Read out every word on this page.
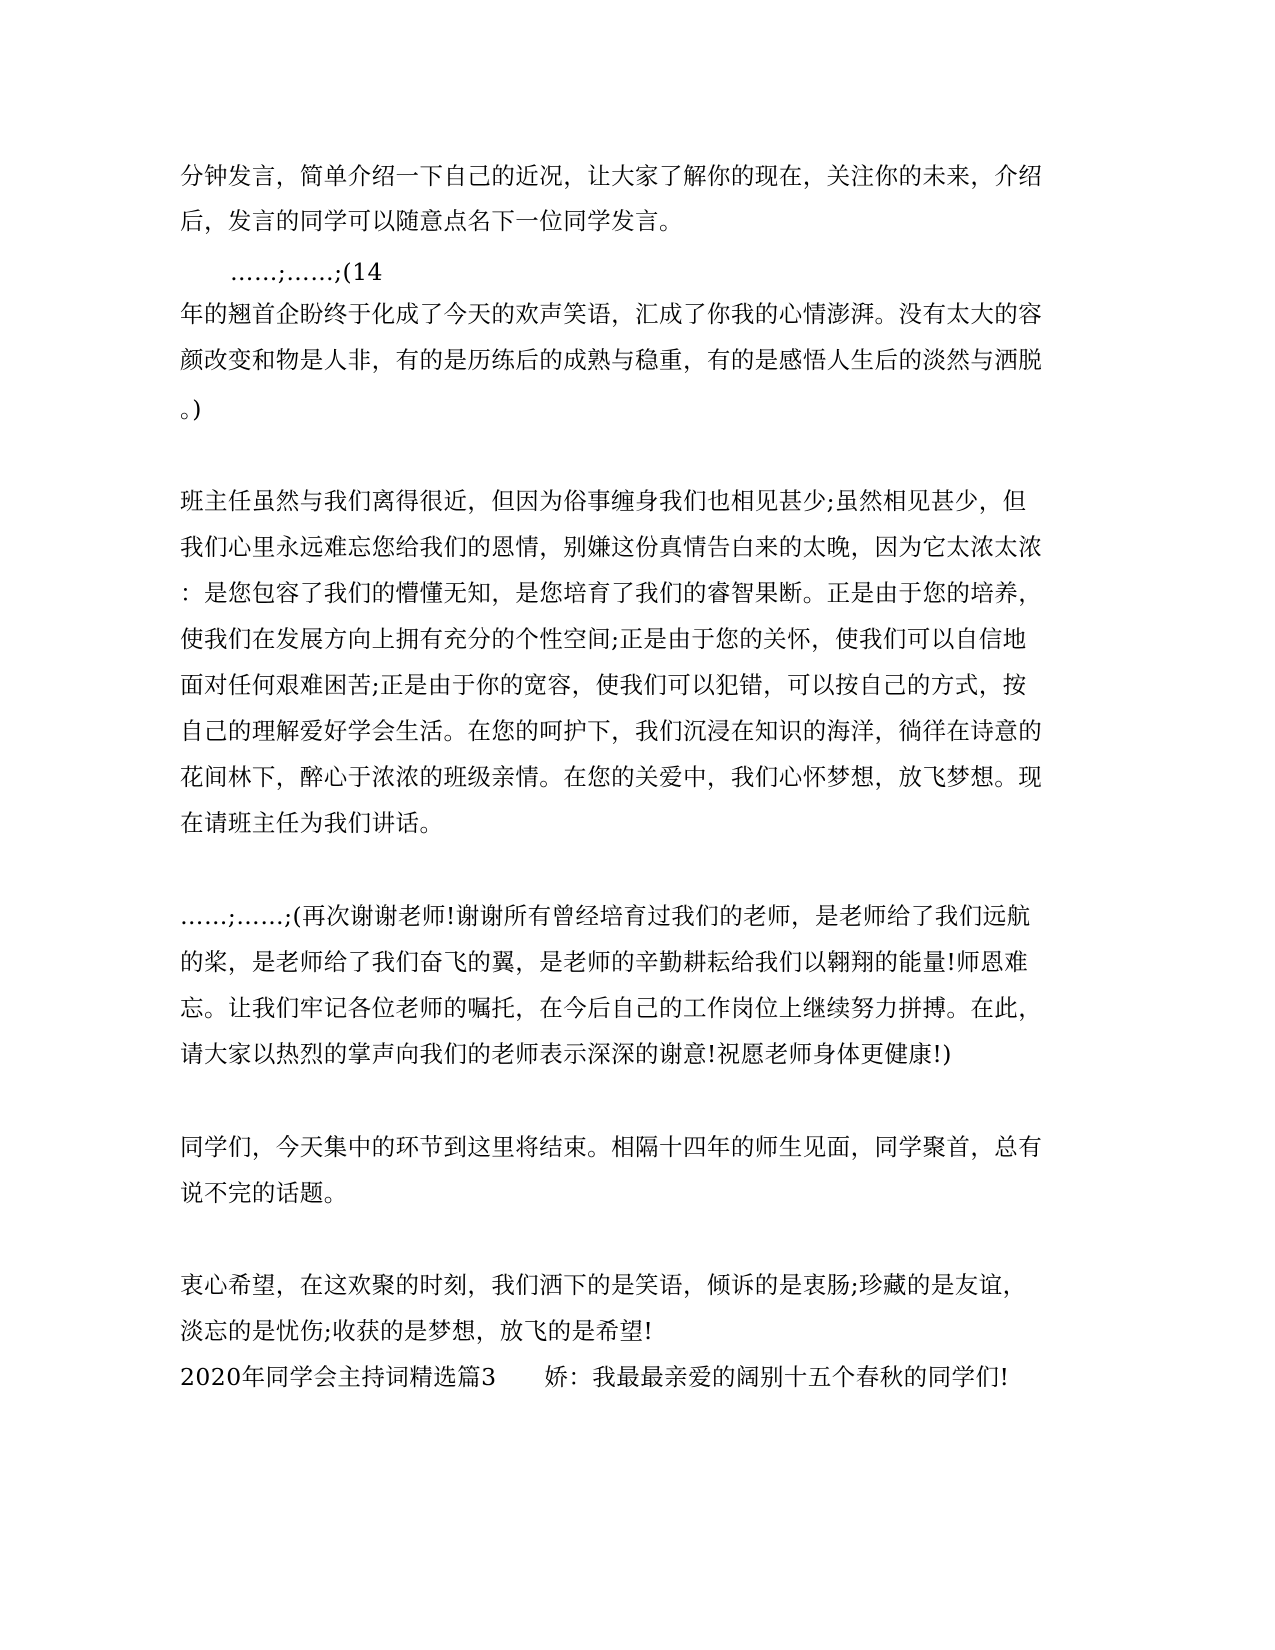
分钟发言，简单介绍一下自己的近况，让大家了解你的现在，关注你的未来，介绍
后，发言的同学可以随意点名下一位同学发言。
……;……;(14
年的翘首企盼终于化成了今天的欢声笑语，汇成了你我的心情澎湃。没有太大的容
颜改变和物是人非，有的是历练后的成熟与稳重，有的是感悟人生后的淡然与洒脱
。)
班主任虽然与我们离得很近，但因为俗事缠身我们也相见甚少;虽然相见甚少，但
我们心里永远难忘您给我们的恩情，别嫌这份真情告白来的太晚，因为它太浓太浓
：是您包容了我们的懵懂无知，是您培育了我们的睿智果断。正是由于您的培养，
使我们在发展方向上拥有充分的个性空间;正是由于您的关怀，使我们可以自信地
面对任何艰难困苦;正是由于你的宽容，使我们可以犯错，可以按自己的方式，按
自己的理解爱好学会生活。在您的呵护下，我们沉浸在知识的海洋，徜徉在诗意的
花间林下，醉心于浓浓的班级亲情。在您的关爱中，我们心怀梦想，放飞梦想。现
在请班主任为我们讲话。
……;……;(再次谢谢老师!谢谢所有曾经培育过我们的老师，是老师给了我们远航
的桨，是老师给了我们奋飞的翼，是老师的辛勤耕耘给我们以翱翔的能量!师恩难
忘。让我们牢记各位老师的嘱托，在今后自己的工作岗位上继续努力拼搏。在此，
请大家以热烈的掌声向我们的老师表示深深的谢意!祝愿老师身体更健康!)
同学们，今天集中的环节到这里将结束。相隔十四年的师生见面，同学聚首，总有
说不完的话题。
衷心希望，在这欢聚的时刻，我们洒下的是笑语，倾诉的是衷肠;珍藏的是友谊，
淡忘的是忧伤;收获的是梦想，放飞的是希望!
2020年同学会主持词精选篇3　　娇：我最最亲爱的阔别十五个春秋的同学们!
